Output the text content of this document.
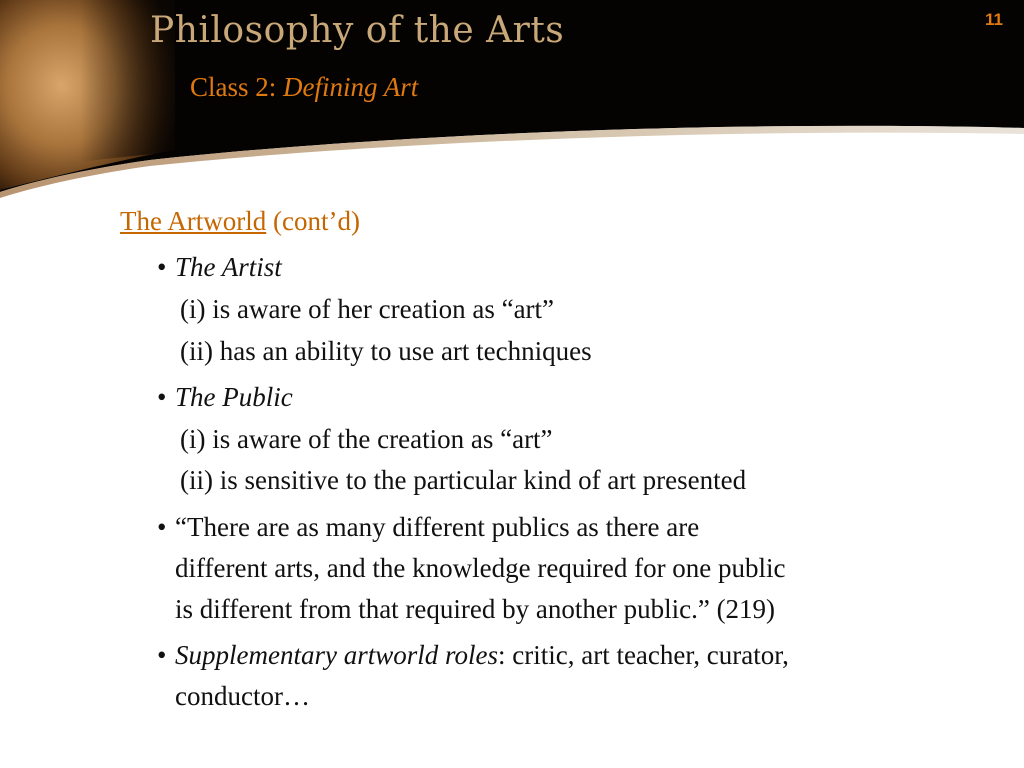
Philosophy of the Arts
Class 2: Defining Art
11
The Artworld (cont’d)
• The Artist
(i) is aware of her creation as “art”
(ii) has an ability to use art techniques
• The Public
(i) is aware of the creation as “art”
(ii) is sensitive to the particular kind of art presented
• “There are as many different publics as there are
different arts, and the knowledge required for one public
is different from that required by another public.” (219)
• Supplementary artworld roles: critic, art teacher, curator,
conductor…
